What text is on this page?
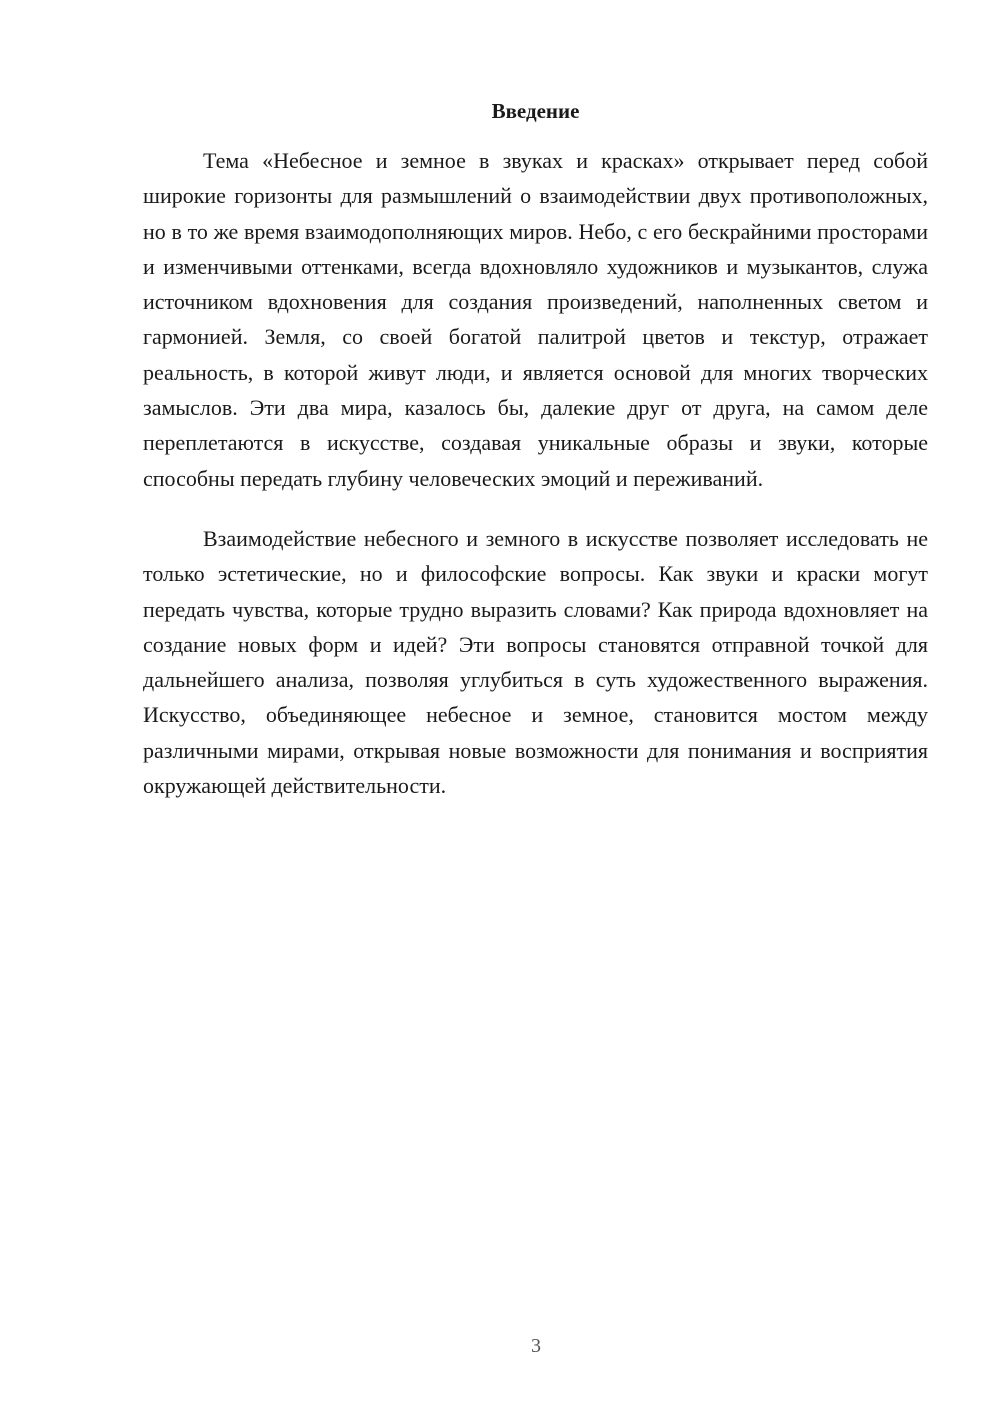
Введение

Тема «Небесное и земное в звуках и красках» открывает перед собой широкие горизонты для размышлений о взаимодействии двух противоположных, но в то же время взаимодополняющих миров. Небо, с его бескрайними просторами и изменчивыми оттенками, всегда вдохновляло художников и музыкантов, служа источником вдохновения для создания произведений, наполненных светом и гармонией. Земля, со своей богатой палитрой цветов и текстур, отражает реальность, в которой живут люди, и является основой для многих творческих замыслов. Эти два мира, казалось бы, далекие друг от друга, на самом деле переплетаются в искусстве, создавая уникальные образы и звуки, которые способны передать глубину человеческих эмоций и переживаний.

Взаимодействие небесного и земного в искусстве позволяет исследовать не только эстетические, но и философские вопросы. Как звуки и краски могут передать чувства, которые трудно выразить словами? Как природа вдохновляет на создание новых форм и идей? Эти вопросы становятся отправной точкой для дальнейшего анализа, позволяя углубиться в суть художественного выражения. Искусство, объединяющее небесное и земное, становится мостом между различными мирами, открывая новые возможности для понимания и восприятия окружающей действительности.

3
